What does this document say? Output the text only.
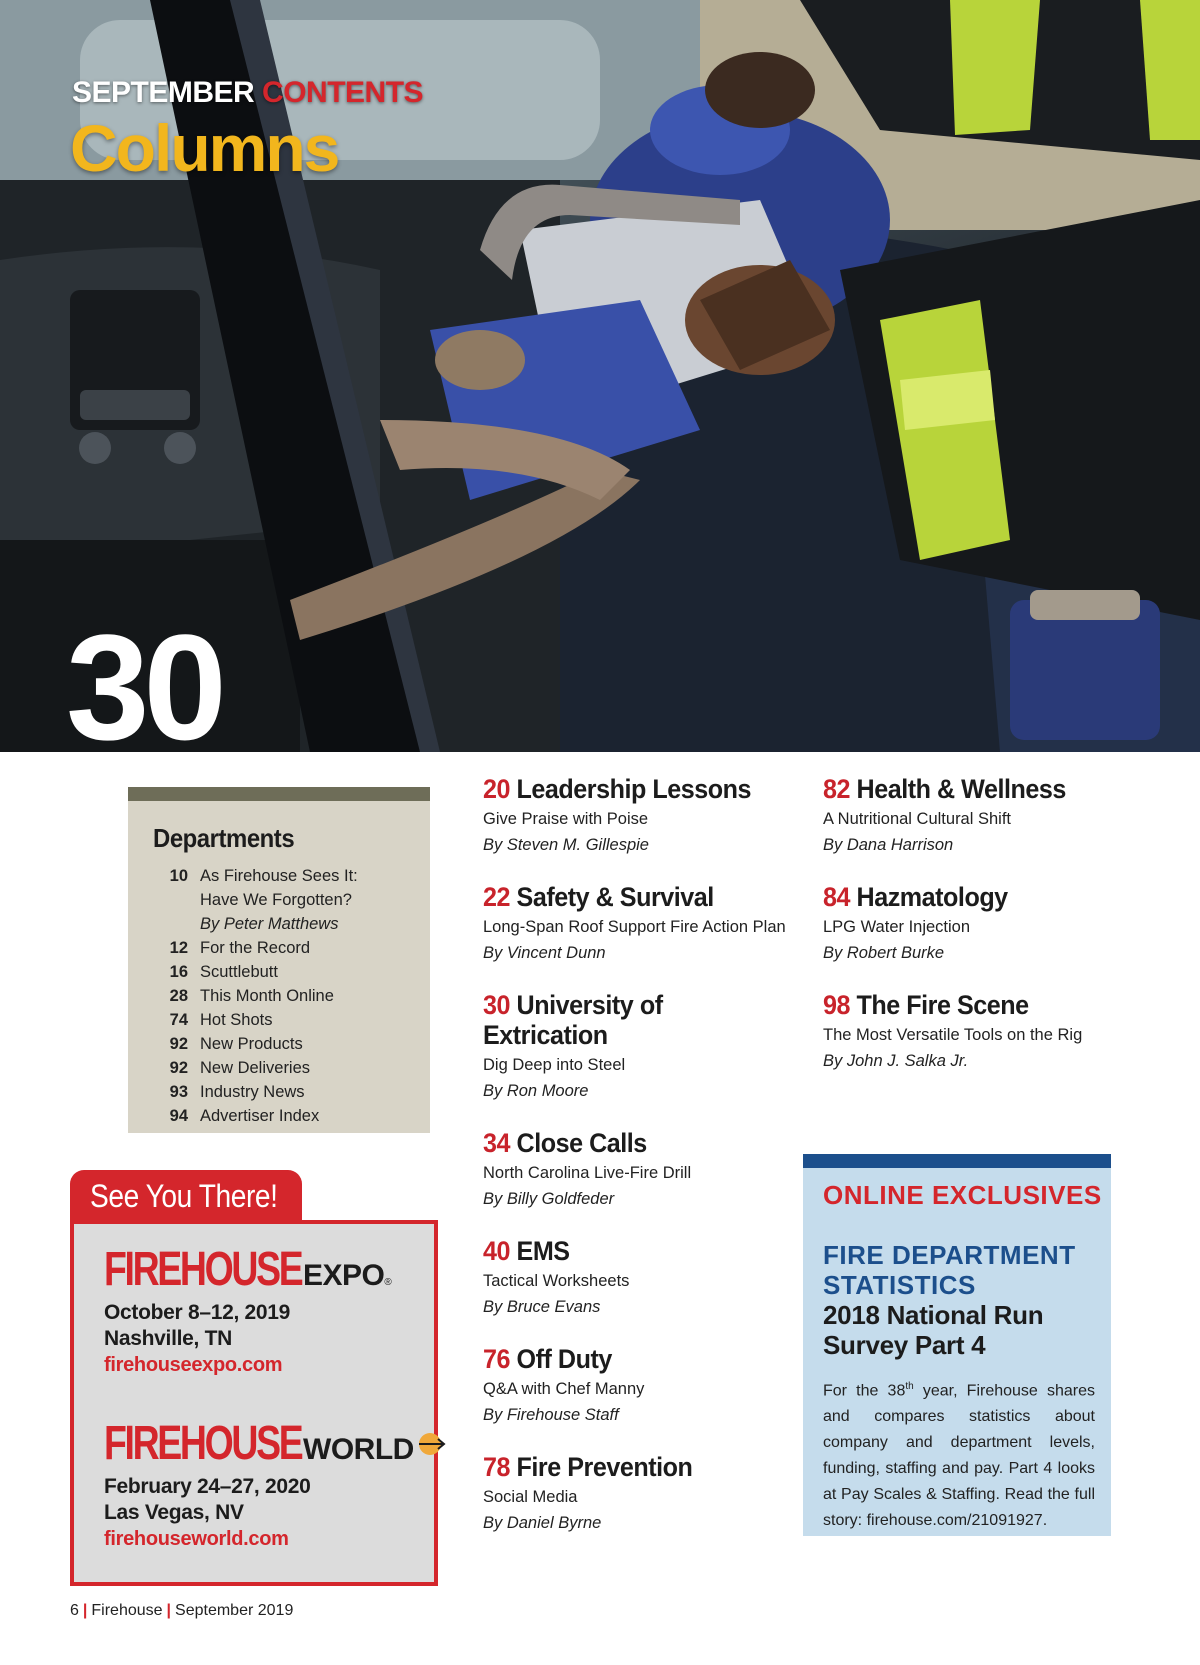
SEPTEMBER CONTENTS
Columns
30
Departments
10 As Firehouse Sees It: Have We Forgotten?
By Peter Matthews
12 For the Record
16 Scuttlebutt
28 This Month Online
74 Hot Shots
92 New Products
92 New Deliveries
93 Industry News
94 Advertiser Index
See You There!
FIREHOUSE EXPO ®
October 8–12, 2019
Nashville, TN
firehouseexpo.com
FIREHOUSE WORLD
February 24–27, 2020
Las Vegas, NV
firehouseworld.com
20 Leadership Lessons
Give Praise with Poise
By Steven M. Gillespie
22 Safety & Survival
Long-Span Roof Support Fire Action Plan
By Vincent Dunn
30 University of Extrication
Dig Deep into Steel
By Ron Moore
34 Close Calls
North Carolina Live-Fire Drill
By Billy Goldfeder
40 EMS
Tactical Worksheets
By Bruce Evans
76 Off Duty
Q&A with Chef Manny
By Firehouse Staff
78 Fire Prevention
Social Media
By Daniel Byrne
82 Health & Wellness
A Nutritional Cultural Shift
By Dana Harrison
84 Hazmatology
LPG Water Injection
By Robert Burke
98 The Fire Scene
The Most Versatile Tools on the Rig
By John J. Salka Jr.
ONLINE EXCLUSIVES
FIRE DEPARTMENT STATISTICS
2018 National Run Survey Part 4
For the 38th year, Firehouse shares and compares statistics about company and department levels, funding, staffing and pay. Part 4 looks at Pay Scales & Staffing. Read the full story: firehouse.com/21091927.
6 | Firehouse | September 2019
